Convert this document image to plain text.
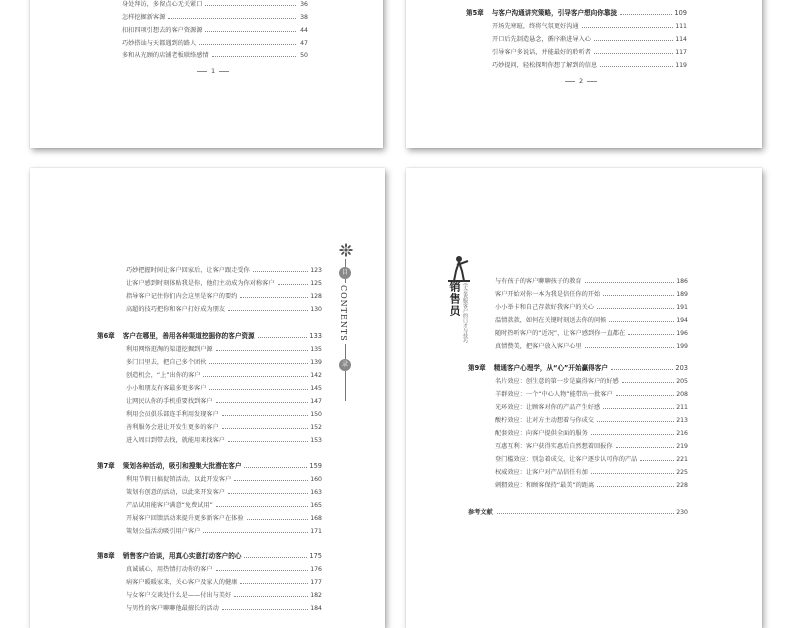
身处拜访，多留点心无关紧口	36
怎样挖掘新客源	38
扣扣四项引想去的客户资源源	44
巧妙搭讪与天都遇到的路人	47
多和从光顾的店铺老板联络感情	50
1
第5章 与客户沟通讲究策略，引导客户想向你靠拢	109
开场先寒暄，终将气氛更好沟通	111
开口后先制造悬念，循序渐进导入心	114
引导客户多说话，并能最好的聆听者	117
巧妙提问，轻松探明你想了解到的信息	119
2
目
CONTENTS
录
巧妙把握时间让客户回家后，让客户跟走受你	123
让客户感到时刻体贴我是你，他们主动成为你对称客户	125
指导客户记住你们内会这里是客户的要约	128
高超的技巧把你和客户打好成为朋友	130
第6章 客户在哪里，善用各种渠道挖掘你的客户资源	133
利用网络逛淘的渠道挖掘到户源	135
多门目里去，把自己多个团伙	139
创造机会，“上”出你的客户	142
小小和朋友有客最多更多客户	145
让网民认你的手机重要找到客户	147
利用会员俱乐部连手利用发现客户	150
善利服务会进让开发生更多的客户	152
进入周目到带去找，就能用来找客户	153
第7章 策划各种活动，吸引和搜集大批潜在客户	159
利用节假日搞促销活动，以此开发客户	160
策划有创意的活动，以此来开发客户	163
产品试用能客户满意“免费试用”	165
开展客户回馈活动来提升更多新客户在体验	168
策划公益活动吸引用户客户	171
第8章 销售客户洽谈，用真心实意打动客户的心	175
真诚诚心，用热情打动你的客户	176
病客户暖暖家来，关心客户及家人的健康	177
与女客户交谈处什么是——付出与美好	182
与男性的客户聊聊他最擅长的活动	184
销售员 学会说服客户的口才与技巧
与有孩子的客户聊聊孩子的教育	186
客户开始对你一本为我是信任你的开始	189
小小举卡和自己存款好我客户的关心	191
温情款款，如何在关键时刻送去你的问候	194
随时热听客户的“近况”，让客户感到你一直都在	196
真情赞美，把客户放入客户心里	199
第9章 精通客户心理学，从“心”开始赢得客户	203
名片效应：创生意的第一步是赢得客户的好感	205
羊群效应：一个“中心人物”能带出一批客户	208
光环效应：让顾客对你的产品产生好感	211
酸柠效应：让对方主动想着与你成交	213
配套效应：向客户提供全面的服务	216
互惠互利：客户获得实惠后自然想着回报你	219
登门槛效应：别急着成交，让客户逐步认可你的产品	221
权威效应：让客户对产品信任有加	225
刺猬效应：和顾客保持“最美”的距离	228
参考文献	230
